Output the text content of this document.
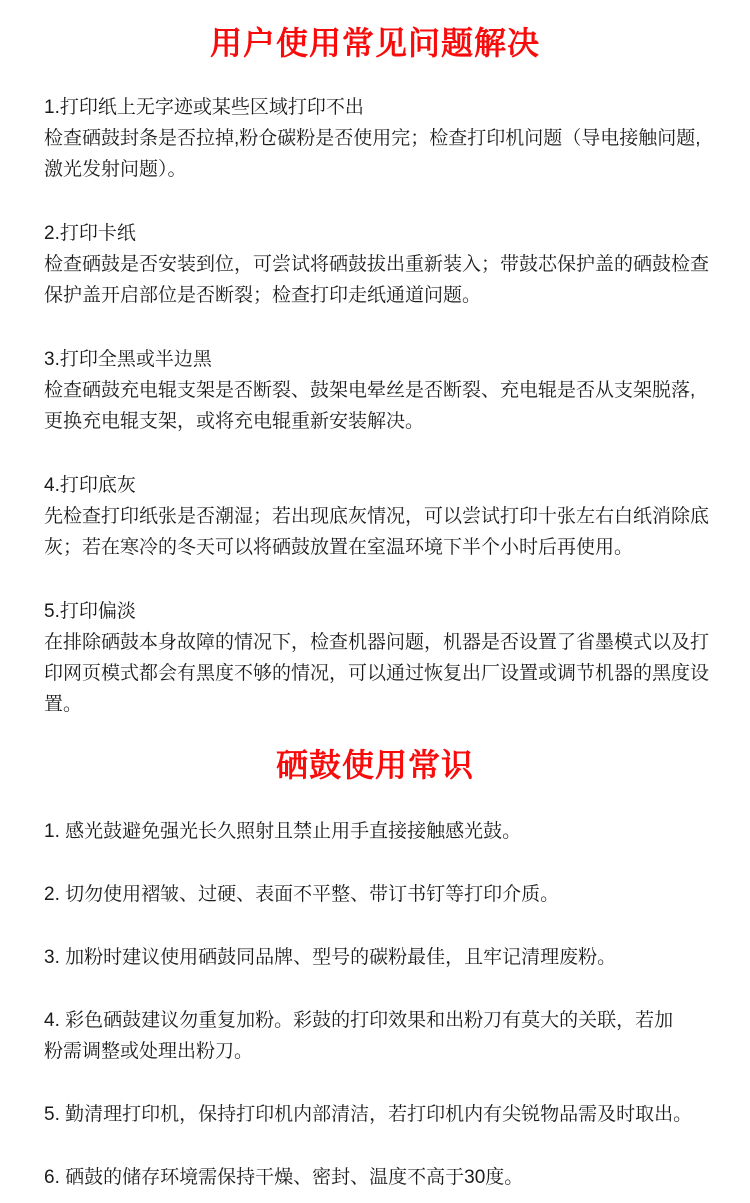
用户使用常见问题解决
1.打印纸上无字迹或某些区域打印不出
检查硒鼓封条是否拉掉,粉仓碳粉是否使用完；检查打印机问题（导电接触问题,
激光发射问题）。
2.打印卡纸
检查硒鼓是否安装到位，可尝试将硒鼓拔出重新装入；带鼓芯保护盖的硒鼓检查
保护盖开启部位是否断裂；检查打印走纸通道问题。
3.打印全黑或半边黑
检查硒鼓充电辊支架是否断裂、鼓架电晕丝是否断裂、充电辊是否从支架脱落,
更换充电辊支架，或将充电辊重新安装解决。
4.打印底灰
先检查打印纸张是否潮湿；若出现底灰情况，可以尝试打印十张左右白纸消除底
灰；若在寒冷的冬天可以将硒鼓放置在室温环境下半个小时后再使用。
5.打印偏淡
在排除硒鼓本身故障的情况下，检查机器问题，机器是否设置了省墨模式以及打
印网页模式都会有黑度不够的情况，可以通过恢复出厂设置或调节机器的黑度设
置。
硒鼓使用常识
1. 感光鼓避免强光长久照射且禁止用手直接接触感光鼓。
2. 切勿使用褶皱、过硬、表面不平整、带订书钉等打印介质。
3. 加粉时建议使用硒鼓同品牌、型号的碳粉最佳，且牢记清理废粉。
4. 彩色硒鼓建议勿重复加粉。彩鼓的打印效果和出粉刀有莫大的关联，若加
粉需调整或处理出粉刀。
5. 勤清理打印机，保持打印机内部清洁，若打印机内有尖锐物品需及时取出。
6. 硒鼓的储存环境需保持干燥、密封、温度不高于30度。
